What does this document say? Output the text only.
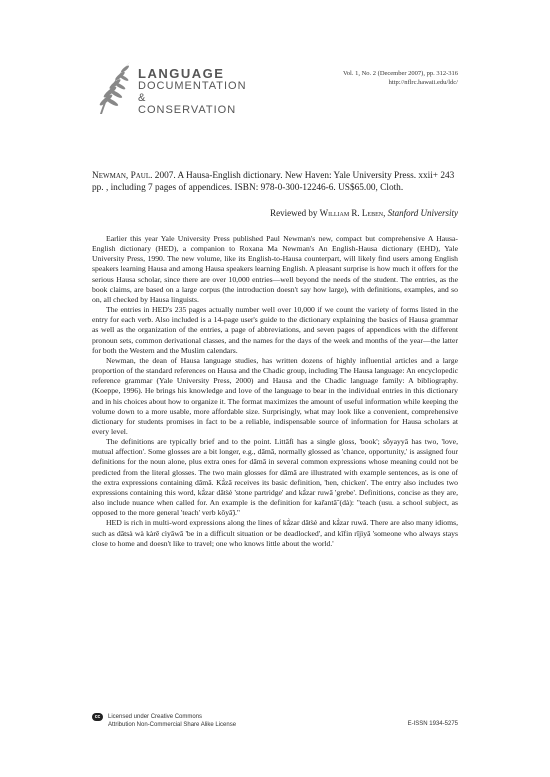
LANGUAGE
DOCUMENTATION
& CONSERVATION
Vol. 1, No. 2 (December 2007), pp. 312-316
http://nflrc.hawaii.edu/ldc/
Newman, Paul. 2007. A Hausa-English dictionary. New Haven: Yale University Press. xxii+ 243 pp. , including 7 pages of appendices. ISBN: 978-0-300-12246-6. US$65.00, Cloth.
Reviewed by William R. Leben, Stanford University

Earlier this year Yale University Press published Paul Newman's new, compact but comprehensive A Hausa-English dictionary (HED), a companion to Roxana Ma Newman's An English-Hausa dictionary (EHD), Yale University Press, 1990. The new volume, like its English-to-Hausa counterpart, will likely find users among English speakers learning Hausa and among Hausa speakers learning English. A pleasant surprise is how much it offers for the serious Hausa scholar, since there are over 10,000 entries—well beyond the needs of the student. The entries, as the book claims, are based on a large corpus (the introduction doesn't say how large), with definitions, examples, and so on, all checked by Hausa linguists.

The entries in HED's 235 pages actually number well over 10,000 if we count the variety of forms listed in the entry for each verb. Also included is a 14-page user's guide to the dictionary explaining the basics of Hausa grammar as well as the organization of the entries, a page of abbreviations, and seven pages of appendices with the different pronoun sets, common derivational classes, and the names for the days of the week and months of the year—the latter for both the Western and the Muslim calendars.

Newman, the dean of Hausa language studies, has written dozens of highly influential articles and a large proportion of the standard references on Hausa and the Chadic group, including The Hausa language: An encyclopedic reference grammar (Yale University Press, 2000) and Hausa and the Chadic language family: A bibliography. (Koeppe, 1996). He brings his knowledge and love of the language to bear in the individual entries in this dictionary and in his choices about how to organize it. The format maximizes the amount of useful information while keeping the volume down to a more usable, more affordable size. Surprisingly, what may look like a convenient, comprehensive dictionary for students promises in fact to be a reliable, indispensable source of information for Hausa scholars at every level.

The definitions are typically brief and to the point. Littāfì has a single gloss, 'book'; sṑyayyā has two, 'love, mutual affection'. Some glosses are a bit longer, e.g., dāmā, normally glossed as 'chance, opportunity,' is assigned four definitions for the noun alone, plus extra ones for dāmā in several common expressions whose meaning could not be predicted from the literal glosses. The two main glosses for dāmā are illustrated with example sentences, as is one of the extra expressions containing dāmā. Kā̀zā receives its basic definition, 'hen, chicken'. The entry also includes two expressions containing this word, kā̀zar dāts̀è 'stone partridge' and kā̀zar ruwā 'grebe'. Definitions, concise as they are, also include nuance when called for. An example is the definition for kar̃antā̃ (dà): "teach (usu. a school subject, as opposed to the more general 'teach' verb kōyā̃)."

HED is rich in multi-word expressions along the lines of kā̀zar dāts̀è and kā̀zar ruwā. There are also many idioms, such as dātsà wà kàrē cìyāwā 'be in a difficult situation or be deadlocked', and kīfin rījìyā 'someone who always stays close to home and doesn't like to travel; one who knows little about the world.'

cc	Licensed under Creative Commons
Attribution Non-Commercial Share Alike License	E-ISSN 1934-5275
